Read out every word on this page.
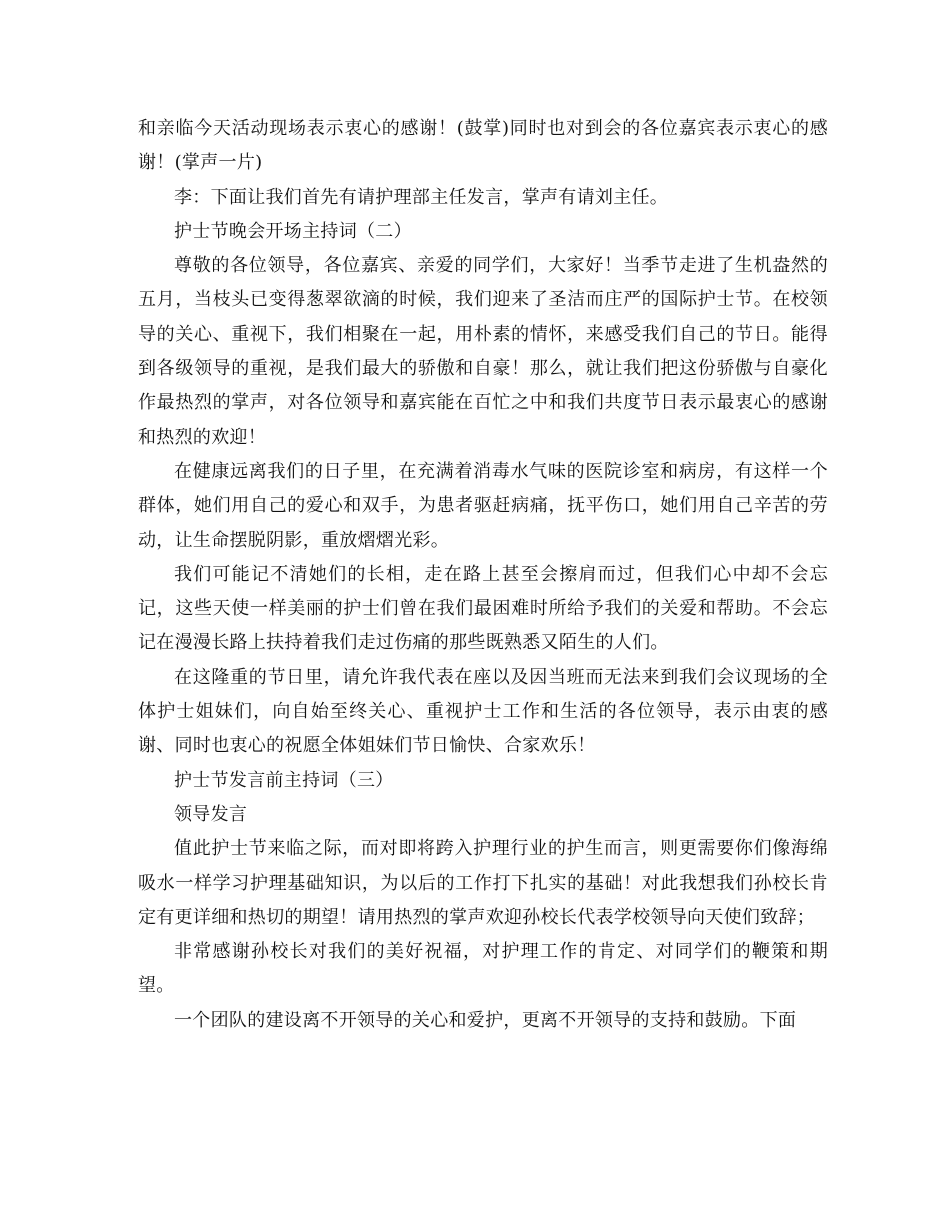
和亲临今天活动现场表示衷心的感谢！(鼓掌)同时也对到会的各位嘉宾表示衷心的感谢！(掌声一片)

李：下面让我们首先有请护理部主任发言，掌声有请刘主任。

护士节晚会开场主持词（二）

尊敬的各位领导，各位嘉宾、亲爱的同学们，大家好！当季节走进了生机盎然的五月，当枝头已变得葱翠欲滴的时候，我们迎来了圣洁而庄严的国际护士节。在校领导的关心、重视下，我们相聚在一起，用朴素的情怀，来感受我们自己的节日。能得到各级领导的重视，是我们最大的骄傲和自豪！那么，就让我们把这份骄傲与自豪化作最热烈的掌声，对各位领导和嘉宾能在百忙之中和我们共度节日表示最衷心的感谢和热烈的欢迎！

在健康远离我们的日子里，在充满着消毒水气味的医院诊室和病房，有这样一个群体，她们用自己的爱心和双手，为患者驱赶病痛，抚平伤口，她们用自己辛苦的劳动，让生命摆脱阴影，重放熠熠光彩。

我们可能记不清她们的长相，走在路上甚至会擦肩而过，但我们心中却不会忘记，这些天使一样美丽的护士们曾在我们最困难时所给予我们的关爱和帮助。不会忘记在漫漫长路上扶持着我们走过伤痛的那些既熟悉又陌生的人们。

在这隆重的节日里，请允许我代表在座以及因当班而无法来到我们会议现场的全体护士姐妹们，向自始至终关心、重视护士工作和生活的各位领导，表示由衷的感谢、同时也衷心的祝愿全体姐妹们节日愉快、合家欢乐！

护士节发言前主持词（三）

领导发言

值此护士节来临之际，而对即将跨入护理行业的护生而言，则更需要你们像海绵吸水一样学习护理基础知识，为以后的工作打下扎实的基础！对此我想我们孙校长肯定有更详细和热切的期望！请用热烈的掌声欢迎孙校长代表学校领导向天使们致辞；

非常感谢孙校长对我们的美好祝福，对护理工作的肯定、对同学们的鞭策和期望。

一个团队的建设离不开领导的关心和爱护，更离不开领导的支持和鼓励。下面
